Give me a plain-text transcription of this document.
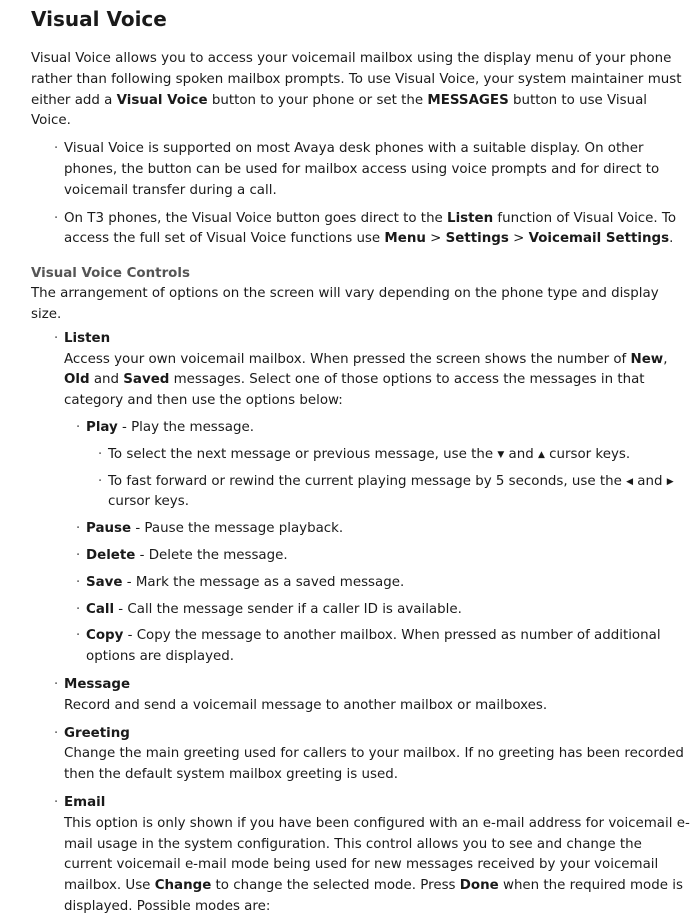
Visual Voice

Visual Voice allows you to access your voicemail mailbox using the display menu of your phone rather than following spoken mailbox prompts. To use Visual Voice, your system maintainer must either add a Visual Voice button to your phone or set the MESSAGES button to use Visual Voice.

· Visual Voice is supported on most Avaya desk phones with a suitable display. On other phones, the button can be used for mailbox access using voice prompts and for direct to voicemail transfer during a call.
· On T3 phones, the Visual Voice button goes direct to the Listen function of Visual Voice. To access the full set of Visual Voice functions use Menu > Settings > Voicemail Settings.
Visual Voice Controls

The arrangement of options on the screen will vary depending on the phone type and display size.

· Listen
Access your own voicemail mailbox. When pressed the screen shows the number of New, Old and Saved messages. Select one of those options to access the messages in that category and then use the options below:
· Play - Play the message.
· To select the next message or previous message, use the ▼ and ▲ cursor keys.
· To fast forward or rewind the current playing message by 5 seconds, use the ◀ and ▶ cursor keys.
· Pause - Pause the message playback.
· Delete - Delete the message.
· Save - Mark the message as a saved message.
· Call - Call the message sender if a caller ID is available.
· Copy - Copy the message to another mailbox. When pressed as number of additional options are displayed.
· Message
Record and send a voicemail message to another mailbox or mailboxes.
· Greeting
Change the main greeting used for callers to your mailbox. If no greeting has been recorded then the default system mailbox greeting is used.
· Email
This option is only shown if you have been configured with an e-mail address for voicemail e-mail usage in the system configuration. This control allows you to see and change the current voicemail e-mail mode being used for new messages received by your voicemail mailbox. Use Change to change the selected mode. Press Done when the required mode is displayed. Possible modes are:
